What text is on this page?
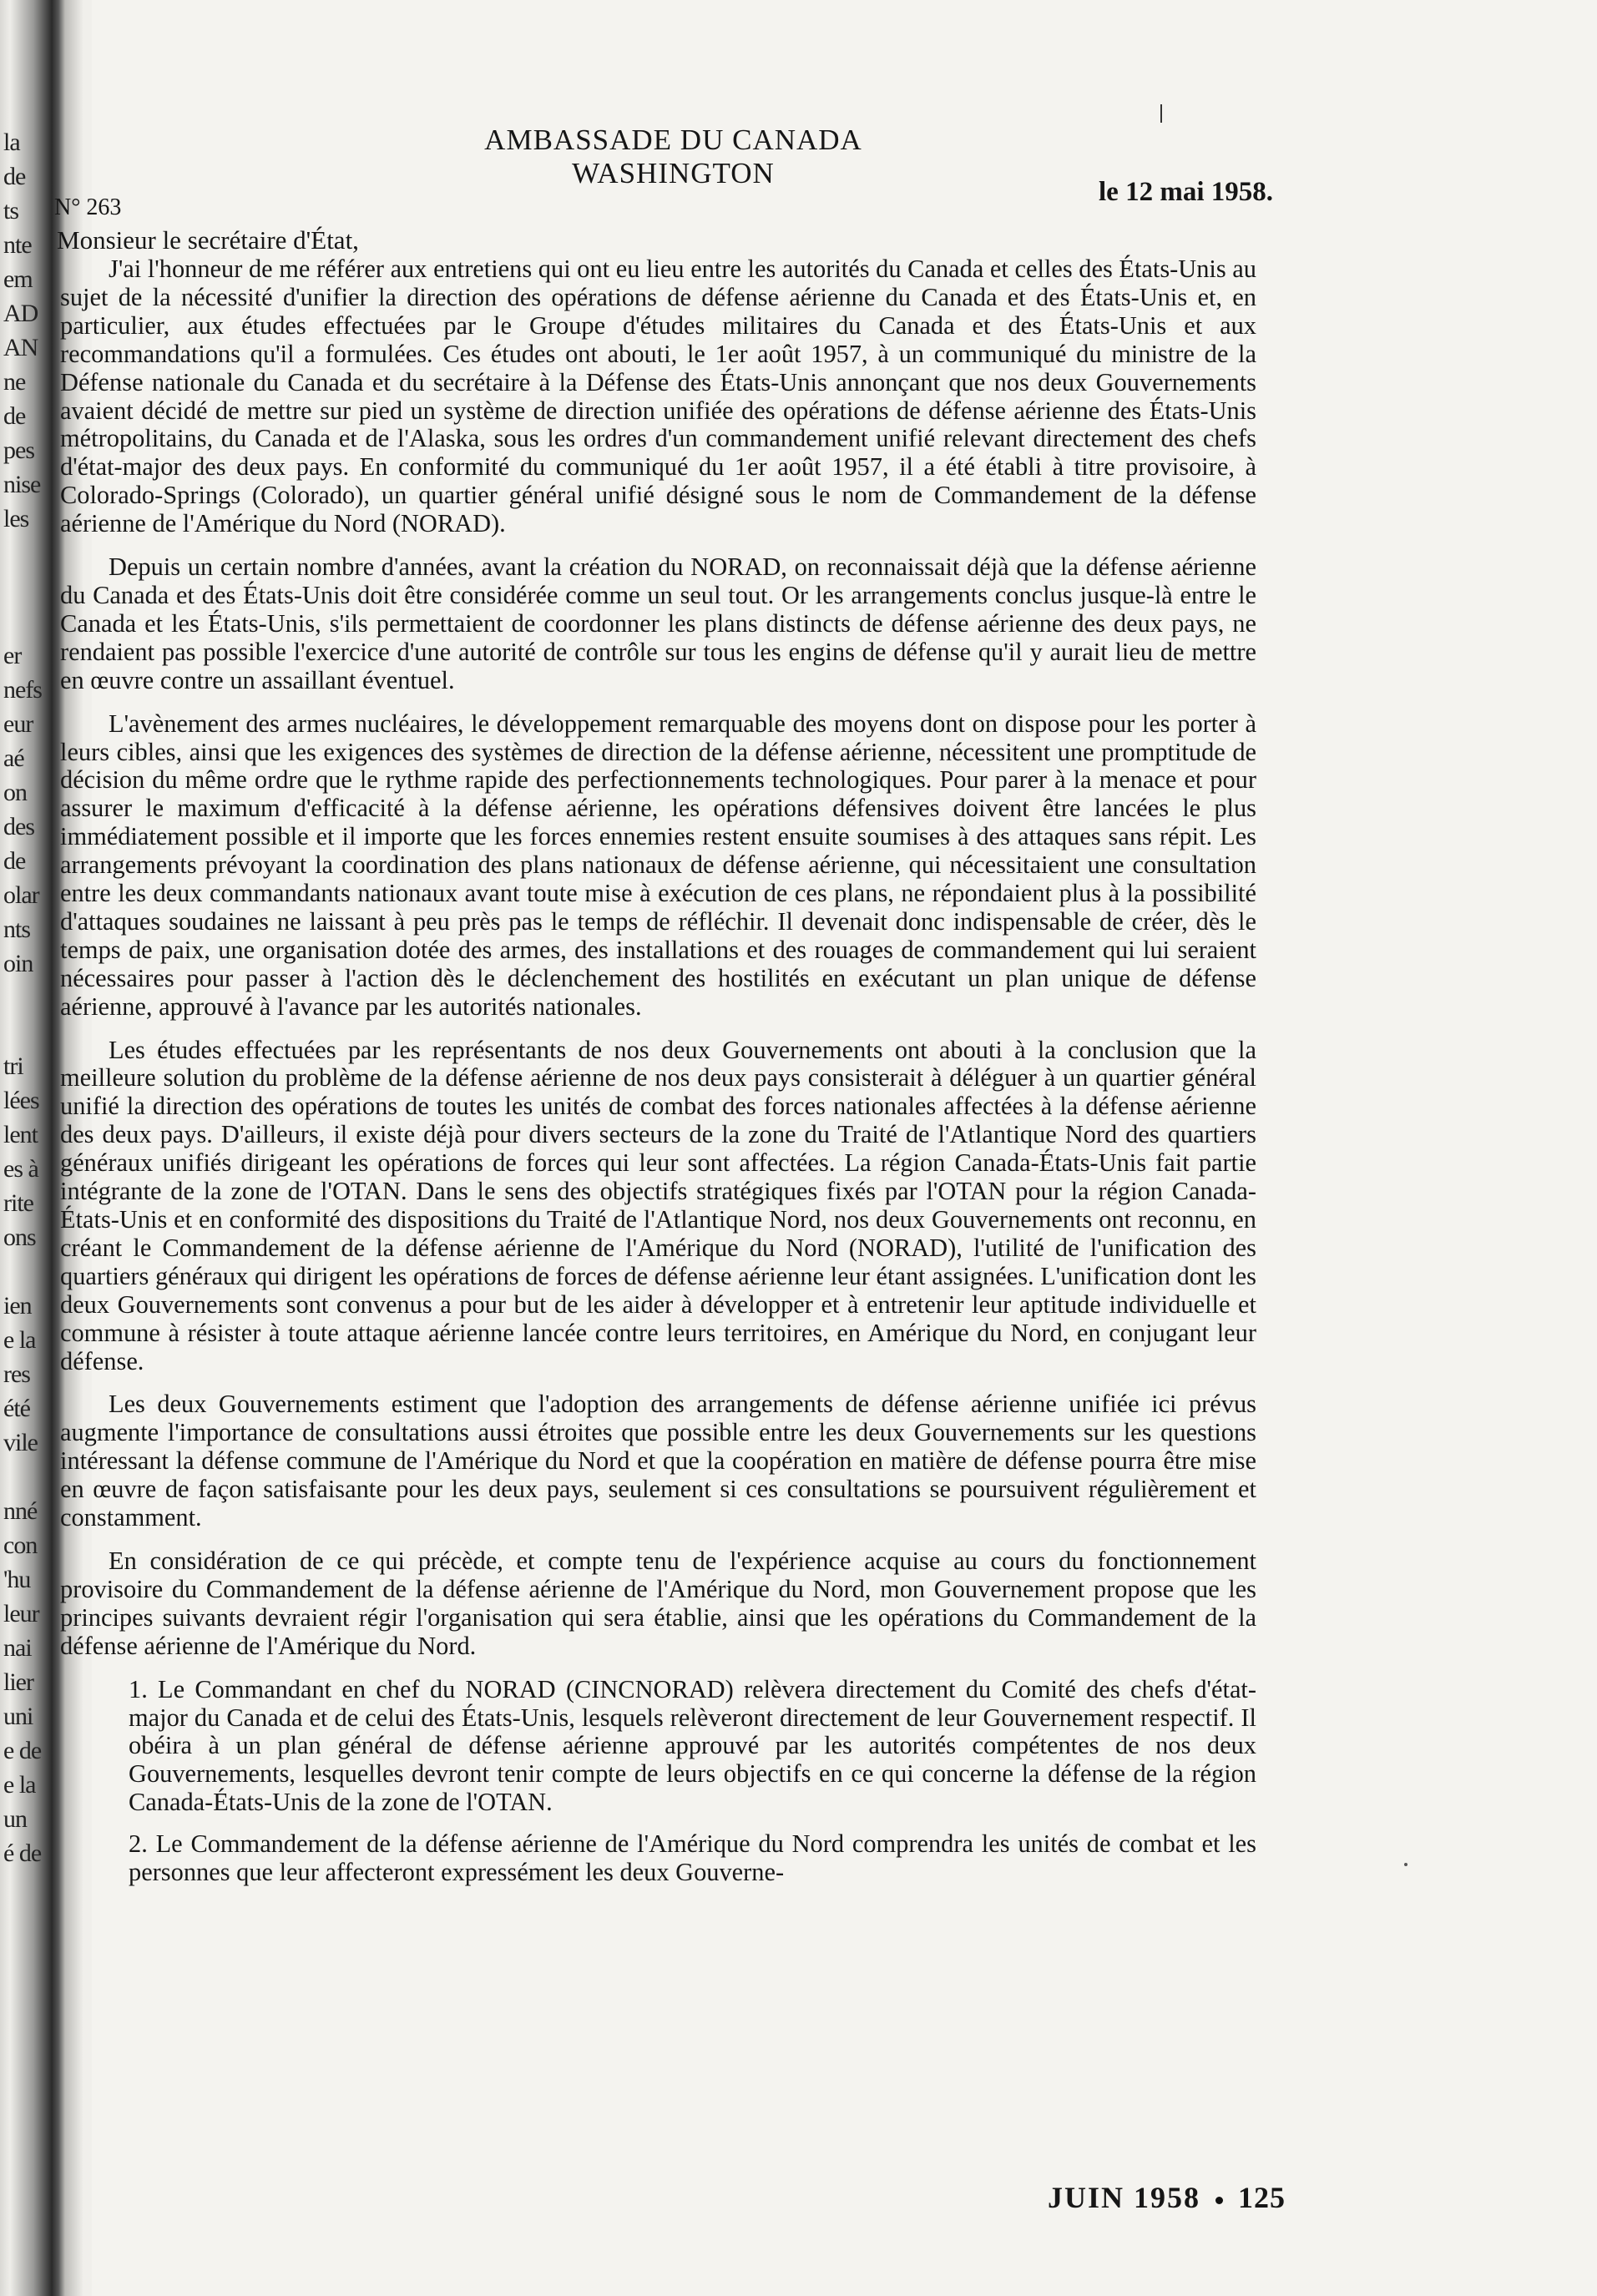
la
de
ts
nte
em
AD
AN
ne
de
pes
nise
les

er
nefs
eur
aé
on
des
de
olar
nts
oin

tri
lées
lent
es à
rite
ons

ien
e la
res
été
vile

nné
con
'hu
leur
nai
lier
uni
e de
e la
un
é de
AMBASSADE DU CANADA
WASHINGTON
N° 263
le 12 mai 1958.
Monsieur le secrétaire d'État,

J'ai l'honneur de me référer aux entretiens qui ont eu lieu entre les autorités du Canada et celles des États-Unis au sujet de la nécessité d'unifier la direction des opérations de défense aérienne du Canada et des États-Unis et, en particulier, aux études effectuées par le Groupe d'études militaires du Canada et des États-Unis et aux recommandations qu'il a formulées. Ces études ont abouti, le 1er août 1957, à un communiqué du ministre de la Défense nationale du Canada et du secrétaire à la Défense des États-Unis annonçant que nos deux Gouvernements avaient décidé de mettre sur pied un système de direction unifiée des opérations de défense aérienne des États-Unis métropolitains, du Canada et de l'Alaska, sous les ordres d'un commandement unifié relevant directement des chefs d'état-major des deux pays. En conformité du communiqué du 1er août 1957, il a été établi à titre provisoire, à Colorado-Springs (Colorado), un quartier général unifié désigné sous le nom de Commandement de la défense aérienne de l'Amérique du Nord (NORAD).

Depuis un certain nombre d'années, avant la création du NORAD, on reconnaissait déjà que la défense aérienne du Canada et des États-Unis doit être considérée comme un seul tout. Or les arrangements conclus jusque-là entre le Canada et les États-Unis, s'ils permettaient de coordonner les plans distincts de défense aérienne des deux pays, ne rendaient pas possible l'exercice d'une autorité de contrôle sur tous les engins de défense qu'il y aurait lieu de mettre en œuvre contre un assaillant éventuel.

L'avènement des armes nucléaires, le développement remarquable des moyens dont on dispose pour les porter à leurs cibles, ainsi que les exigences des systèmes de direction de la défense aérienne, nécessitent une promptitude de décision du même ordre que le rythme rapide des perfectionnements technologiques. Pour parer à la menace et pour assurer le maximum d'efficacité à la défense aérienne, les opérations défensives doivent être lancées le plus immédiatement possible et il importe que les forces ennemies restent ensuite soumises à des attaques sans répit. Les arrangements prévoyant la coordination des plans nationaux de défense aérienne, qui nécessitaient une consultation entre les deux commandants nationaux avant toute mise à exécution de ces plans, ne répondaient plus à la possibilité d'attaques soudaines ne laissant à peu près pas le temps de réfléchir. Il devenait donc indispensable de créer, dès le temps de paix, une organisation dotée des armes, des installations et des rouages de commandement qui lui seraient nécessaires pour passer à l'action dès le déclenchement des hostilités en exécutant un plan unique de défense aérienne, approuvé à l'avance par les autorités nationales.

Les études effectuées par les représentants de nos deux Gouvernements ont abouti à la conclusion que la meilleure solution du problème de la défense aérienne de nos deux pays consisterait à déléguer à un quartier général unifié la direction des opérations de toutes les unités de combat des forces nationales affectées à la défense aérienne des deux pays. D'ailleurs, il existe déjà pour divers secteurs de la zone du Traité de l'Atlantique Nord des quartiers généraux unifiés dirigeant les opérations de forces qui leur sont affectées. La région Canada-États-Unis fait partie intégrante de la zone de l'OTAN. Dans le sens des objectifs stratégiques fixés par l'OTAN pour la région Canada-États-Unis et en conformité des dispositions du Traité de l'Atlantique Nord, nos deux Gouvernements ont reconnu, en créant le Commandement de la défense aérienne de l'Amérique du Nord (NORAD), l'utilité de l'unification des quartiers généraux qui dirigent les opérations de forces de défense aérienne leur étant assignées. L'unification dont les deux Gouvernements sont convenus a pour but de les aider à développer et à entretenir leur aptitude individuelle et commune à résister à toute attaque aérienne lancée contre leurs territoires, en Amérique du Nord, en conjugant leur défense.

Les deux Gouvernements estiment que l'adoption des arrangements de défense aérienne unifiée ici prévus augmente l'importance de consultations aussi étroites que possible entre les deux Gouvernements sur les questions intéressant la défense commune de l'Amérique du Nord et que la coopération en matière de défense pourra être mise en œuvre de façon satisfaisante pour les deux pays, seulement si ces consultations se poursuivent régulièrement et constamment.

En considération de ce qui précède, et compte tenu de l'expérience acquise au cours du fonctionnement provisoire du Commandement de la défense aérienne de l'Amérique du Nord, mon Gouvernement propose que les principes suivants devraient régir l'organisation qui sera établie, ainsi que les opérations du Commandement de la défense aérienne de l'Amérique du Nord.

1. Le Commandant en chef du NORAD (CINCNORAD) relèvera directement du Comité des chefs d'état-major du Canada et de celui des États-Unis, lesquels relèveront directement de leur Gouvernement respectif. Il obéira à un plan général de défense aérienne approuvé par les autorités compétentes de nos deux Gouvernements, lesquelles devront tenir compte de leurs objectifs en ce qui concerne la défense de la région Canada-États-Unis de la zone de l'OTAN.

2. Le Commandement de la défense aérienne de l'Amérique du Nord comprendra les unités de combat et les personnes que leur affecteront expressément les deux Gouverne-

JUIN 1958 125
